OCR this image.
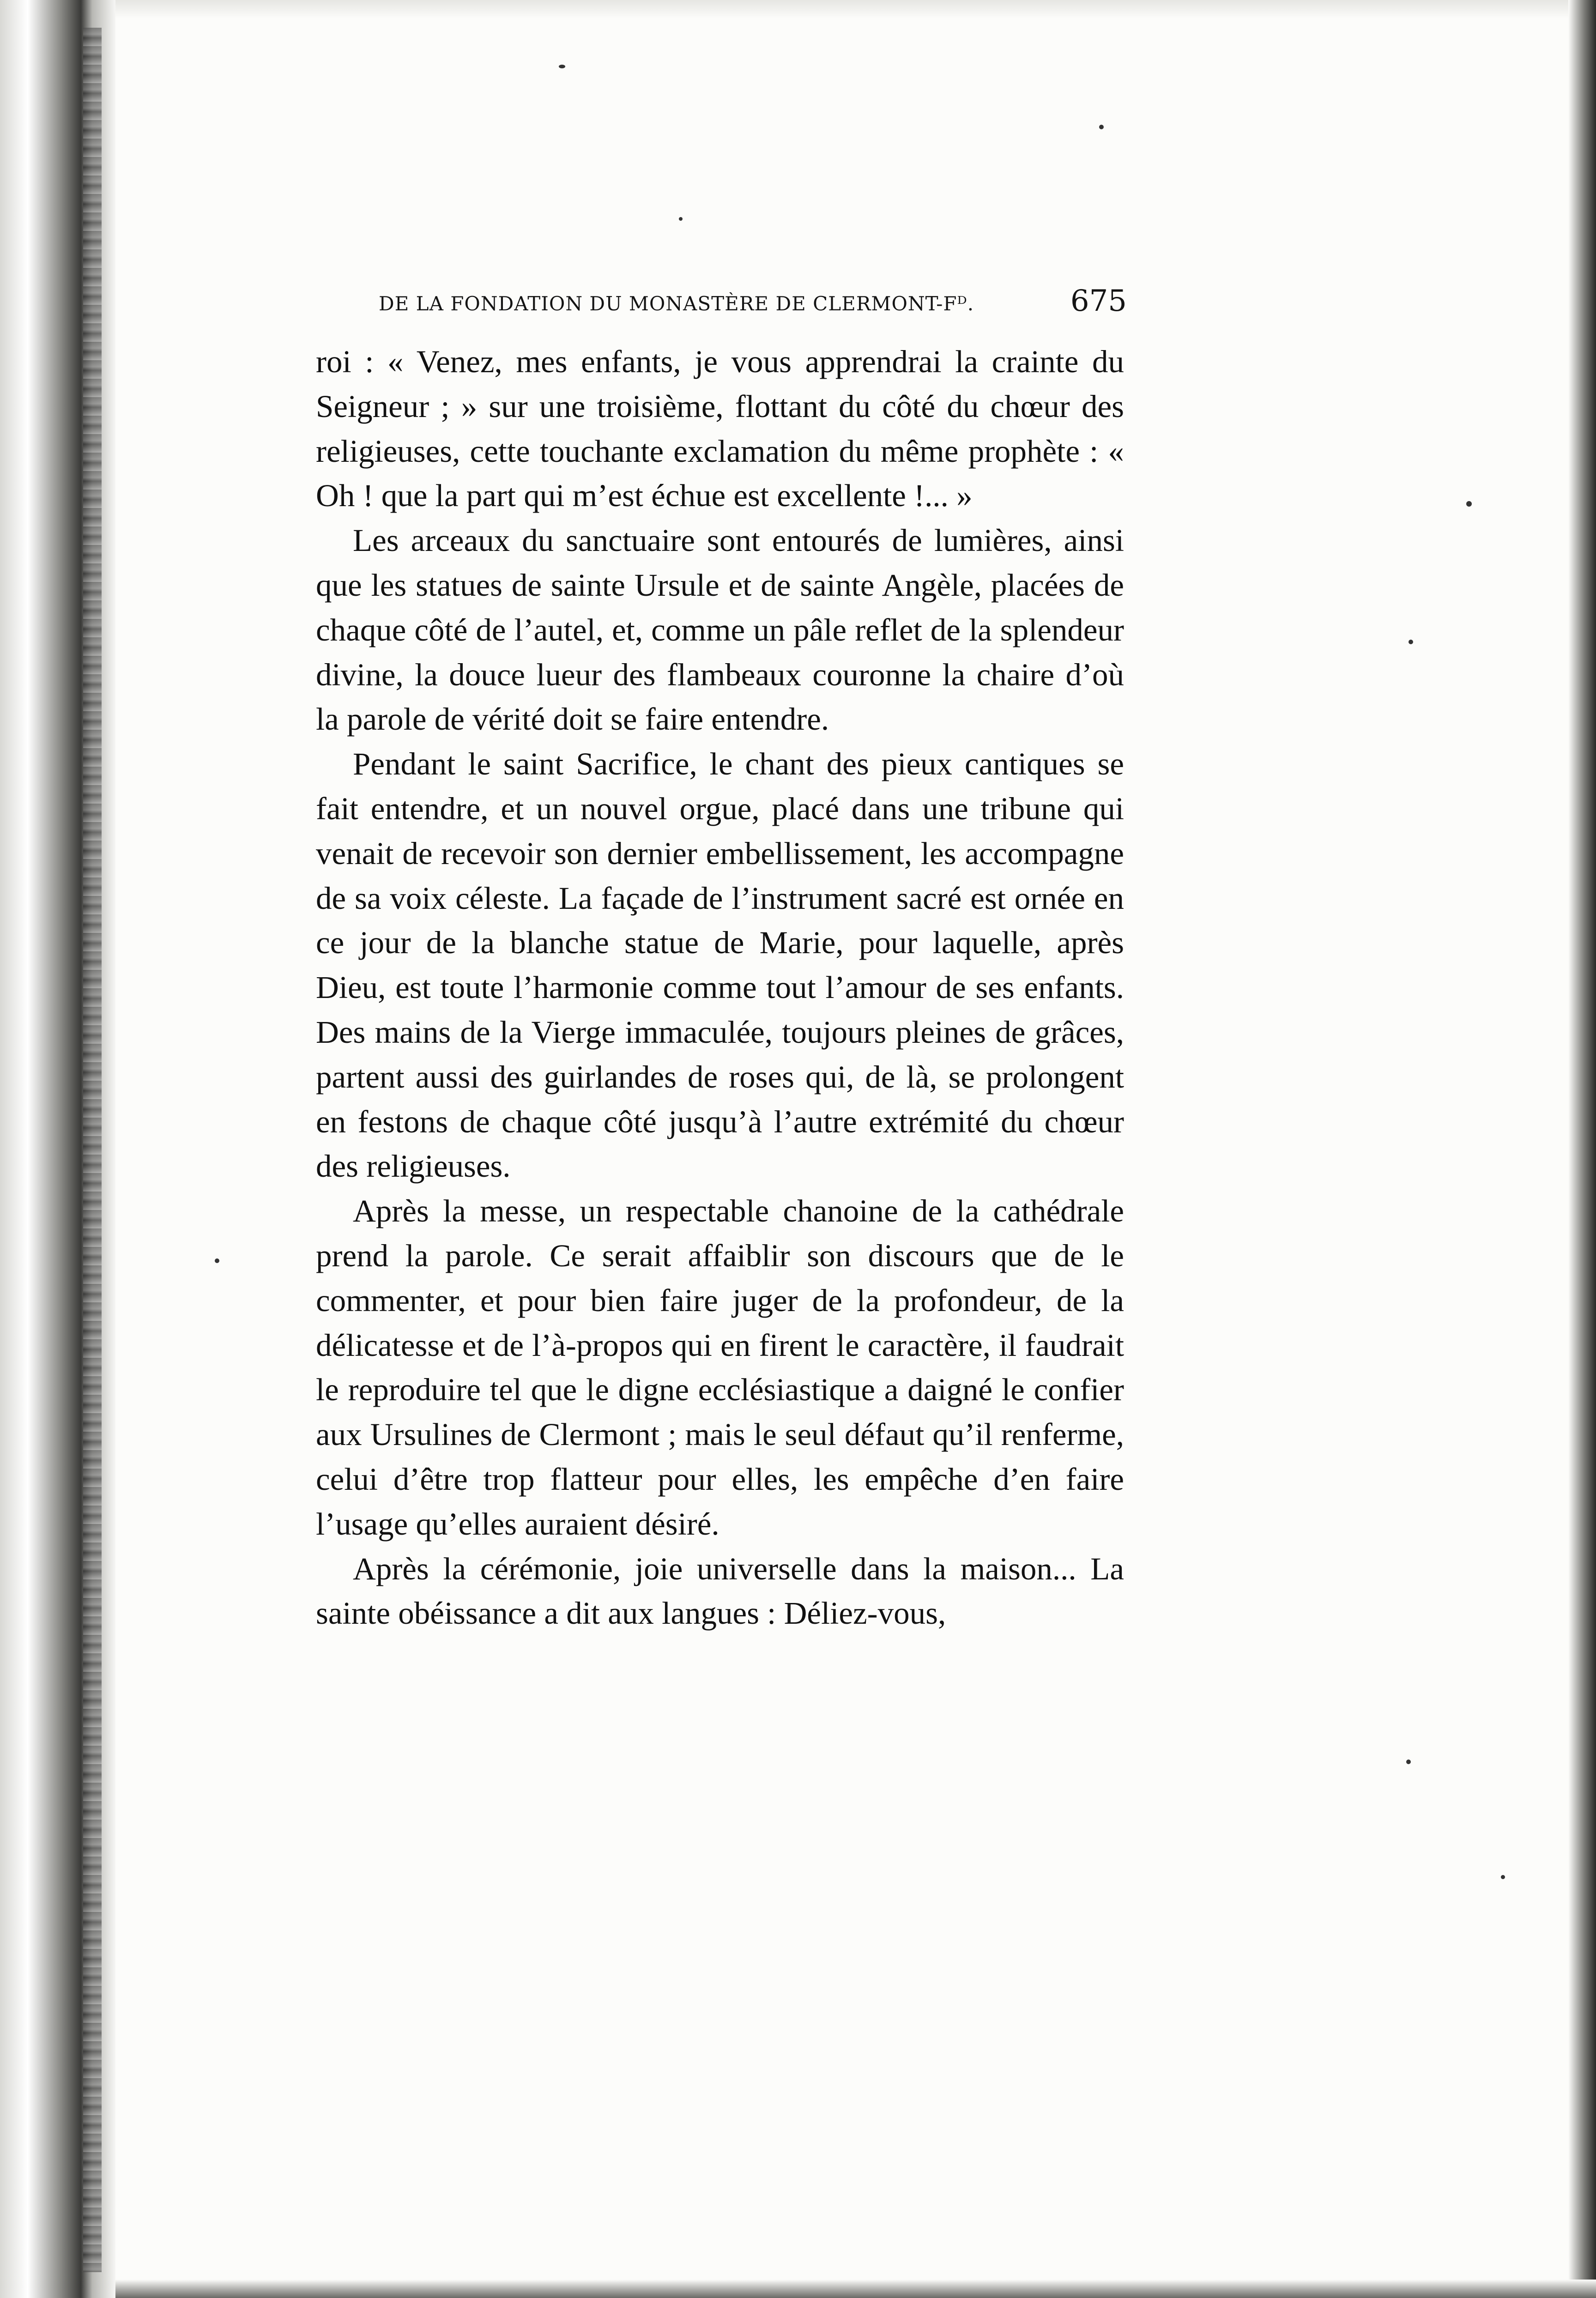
DE LA FONDATION DU MONASTÈRE DE CLERMONT-Fᴰ.	675

roi : « Venez, mes enfants, je vous apprendrai la crainte du Seigneur ; » sur une troisième, flottant du côté du chœur des religieuses, cette touchante exclamation du même prophète : « Oh ! que la part qui m’est échue est excellente !... »

Les arceaux du sanctuaire sont entourés de lumières, ainsi que les statues de sainte Ursule et de sainte Angèle, placées de chaque côté de l’autel, et, comme un pâle reflet de la splendeur divine, la douce lueur des flambeaux couronne la chaire d’où la parole de vérité doit se faire entendre.

Pendant le saint Sacrifice, le chant des pieux cantiques se fait entendre, et un nouvel orgue, placé dans une tribune qui venait de recevoir son dernier embellissement, les accompagne de sa voix céleste. La façade de l’instrument sacré est ornée en ce jour de la blanche statue de Marie, pour laquelle, après Dieu, est toute l’harmonie comme tout l’amour de ses enfants. Des mains de la Vierge immaculée, toujours pleines de grâces, partent aussi des guirlandes de roses qui, de là, se prolongent en festons de chaque côté jusqu’à l’autre extrémité du chœur des religieuses.

Après la messe, un respectable chanoine de la cathédrale prend la parole. Ce serait affaiblir son discours que de le commenter, et pour bien faire juger de la profondeur, de la délicatesse et de l’à-propos qui en firent le caractère, il faudrait le reproduire tel que le digne ecclésiastique a daigné le confier aux Ursulines de Clermont ; mais le seul défaut qu’il renferme, celui d’être trop flatteur pour elles, les empêche d’en faire l’usage qu’elles auraient désiré.

Après la cérémonie, joie universelle dans la maison... La sainte obéissance a dit aux langues : Déliez-vous,
